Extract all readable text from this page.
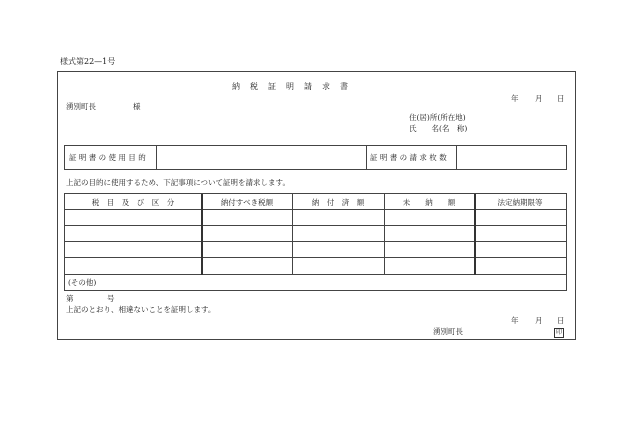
様式第22—1号
納　税　証　明　請　求　書
年 月 日
湧別町長	様
住(居)所(所在地)
氏　　名(名　称)
証 明 書 の 使 用 目 的	証 明 書 の 請 求 枚 数
上記の目的に使用するため、下記事項について証明を請求します。
税　目　及　び　区　分	納付すべき税額	納　付　済　額	未　　納　　額	法定納期限等
(その他)
第	号
上記のとおり、相違ないことを証明します。
年 月 日
湧別町長	印
